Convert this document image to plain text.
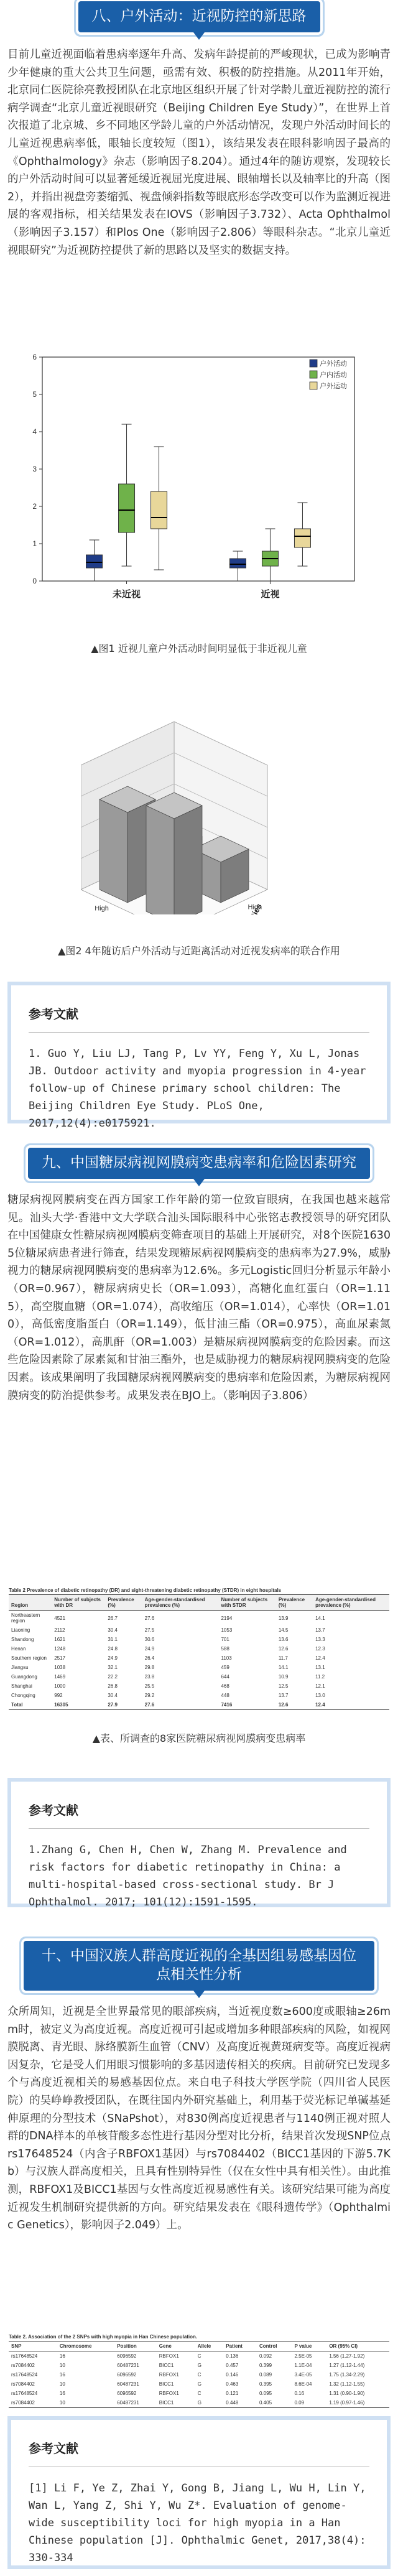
八、户外活动：近视防控的新思路
目前儿童近视面临着患病率逐年升高、发病年龄提前的严峻现状，已成为影响青少年健康的重大公共卫生问题，亟需有效、积极的防控措施。从2011年开始，北京同仁医院徐亮教授团队在北京地区组织开展了针对学龄儿童近视防控的流行病学调查“北京儿童近视眼研究（Beijing Children Eye Study）”，在世界上首次报道了北京城、乡不同地区学龄儿童的户外活动情况，发现户外活动时间长的儿童近视患病率低，眼轴长度较短（图1），该结果发表在眼科影响因子最高的《Ophthalmology》杂志（影响因子8.204）。通过4年的随访观察，发现较长的户外活动时间可以显著延缓近视屈光度进展、眼轴增长以及轴率比的升高（图2），并指出视盘旁萎缩弧、视盘倾斜指数等眼底形态学改变可以作为监测近视进展的客观指标，相关结果发表在IOVS（影响因子3.732）、Acta Ophthalmol（影响因子3.157）和Plos One（影响因子2.806）等眼科杂志。“北京儿童近视眼研究”为近视防控提供了新的思路以及坚实的数据支持。
0
1
2
3
4
5
6
未近视	近视
户外活动
户内活动
户外运动
▲图1 近视儿童户外活动时间明显低于非近视儿童
High	High
▲图2 4年随访后户外活动与近距离活动对近视发病率的联合作用
参考文献

1. Guo Y, Liu LJ, Tang P, Lv YY, Feng Y, Xu L, Jonas JB. Outdoor activity and myopia progression in 4-year follow-up of Chinese primary school children: The Beijing Children Eye Study. PLoS One, 2017,12(4):e0175921.

九、中国糖尿病视网膜病变患病率和危险因素研究
糖尿病视网膜病变在西方国家工作年龄的第一位致盲眼病，在我国也越来越常见。汕头大学·香港中文大学联合汕头国际眼科中心张铭志教授领导的研究团队在中国健康女性糖尿病视网膜病变筛查项目的基础上开展研究，对8个医院16305位糖尿病患者进行筛查，结果发现糖尿病视网膜病变的患病率为27.9%，威胁视力的糖尿病视网膜病变的患病率为12.6%。多元Logistic回归分析显示年龄小（OR=0.967），糖尿病病史长（OR=1.093），高糖化血红蛋白（OR=1.115），高空腹血糖（OR=1.074），高收缩压（OR=1.014），心率快（OR=1.010），高低密度脂蛋白（OR=1.149），低甘油三酯（OR=0.975），高血尿素氮（OR=1.012），高肌酐（OR=1.003）是糖尿病视网膜病变的危险因素。而这些危险因素除了尿素氮和甘油三酯外，也是威胁视力的糖尿病视网膜病变的危险因素。该成果阐明了我国糖尿病视网膜病变的患病率和危险因素，为糖尿病视网膜病变的防治提供参考。成果发表在BJO上。（影响因子3.806）
Table 2 Prevalence of diabetic retinopathy (DR) and sight-threatening diabetic retinopathy (STDR) in eight hospitals
Region	Number of subjects with DR	Prevalence (%)	Age-gender-standardised prevalence (%)	Number of subjects with STDR	Prevalence (%)	Age-gender-standardised prevalence (%)
Northeastern region	4521	26.7	27.6	2194	13.9	14.1
Liaoning	2112	30.4	27.5	1053	14.5	13.7
Shandong	1621	31.1	30.6	701	13.6	13.3
Henan	1248	24.8	24.9	588	12.6	12.3
Southern region	2517	24.9	26.4	1103	11.7	12.4
Jiangsu	1038	32.1	29.8	459	14.1	13.1
Guangdong	1469	22.2	23.8	644	10.9	11.2
Shanghai	1000	26.8	25.5	468	12.5	12.1
Chongqing	992	30.4	29.2	448	13.7	13.0
Total	16305	27.9	27.6	7416	12.6	12.4
▲表、所调查的8家医院糖尿病视网膜病变患病率
参考文献

1.Zhang G, Chen H, Chen W, Zhang M. Prevalence and risk factors for diabetic retinopathy in China: a multi-hospital-based cross-sectional study. Br J Ophthalmol. 2017; 101(12):1591-1595.

十、中国汉族人群高度近视的全基因组易感基因位点相关性分析
众所周知，近视是全世界最常见的眼部疾病，当近视度数≥600度或眼轴≥26mm时，被定义为高度近视。高度近视可引起或增加多种眼部疾病的风险，如视网膜脱离、青光眼、脉络膜新生血管（CNV）及高度近视黄斑病变等。高度近视病因复杂，它是受人们用眼习惯影响的多基因遗传相关的疾病。目前研究已发现多个与高度近视相关的易感基因位点。来自电子科技大学医学院（四川省人民医院）的吴峥峥教授团队，在既往国内外研究基础上，利用基于荧光标记单碱基延伸原理的分型技术（SNaPshot），对830例高度近视患者与1140例正视对照人群的DNA样本的单核苷酸多态性进行基因分型对比分析，结果首次发现SNP位点rs17648524（内含子RBFOX1基因）与rs7084402（BICC1基因的下游5.7Kb）与汉族人群高度相关，且具有性别特异性（仅在女性中具有相关性）。由此推测，RBFOX1及BICC1基因与女性高度近视易感性有关。该研究结果可能为高度近视发生机制研究提供新的方向。研究结果发表在《眼科遗传学》（Ophthalmic Genetics），影响因子2.049）上。
Table 2. Association of the 2 SNPs with high myopia in Han Chinese population.
SNP	Chromosome	Position	Gene	Allele	Patient	Control	P value	OR (95% CI)
rs17648524	16	6096592	RBFOX1	C	0.136	0.092	2.5E-05	1.56 (1.27-1.92)
rs7084402	10	60487231	BICC1	G	0.457	0.399	1.1E-04	1.27 (1.12-1.44)
rs17648524	16	6096592	RBFOX1	C	0.146	0.089	3.4E-05	1.75 (1.34-2.29)
rs7084402	10	60487231	BICC1	G	0.463	0.395	8.6E-04	1.32 (1.12-1.55)
rs17648524	16	6096592	RBFOX1	C	0.121	0.095	0.16	1.31 (0.90-1.90)
rs7084402	10	60487231	BICC1	G	0.448	0.405	0.09	1.19 (0.97-1.46)
参考文献

[1] Li F, Ye Z, Zhai Y, Gong B, Jiang L, Wu H, Lin Y, Wan L, Yang Z, Shi Y, Wu Z*. Evaluation of genome-wide susceptibility loci for high myopia in a Han Chinese population [J]. Ophthalmic Genet, 2017,38(4): 330-334
